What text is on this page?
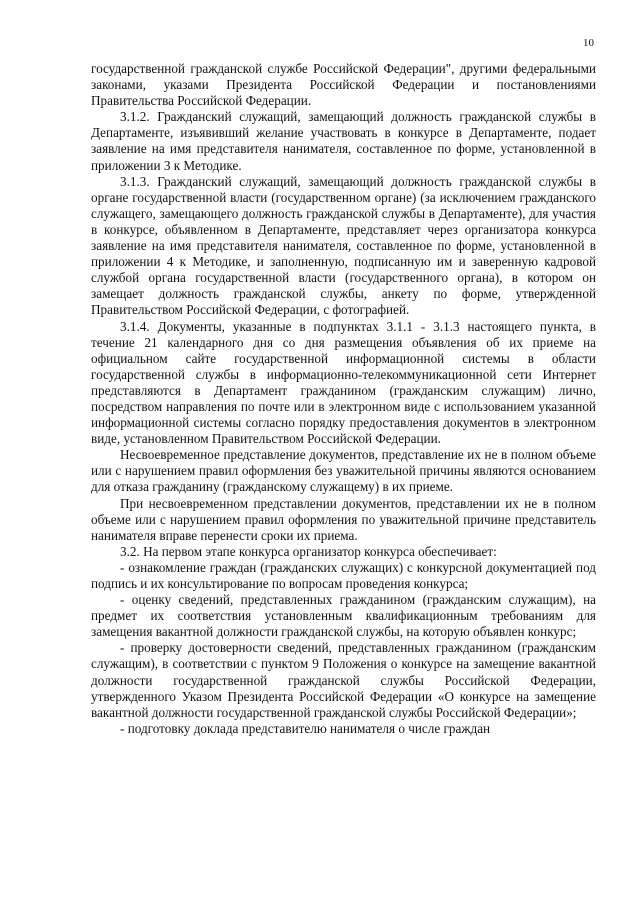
10

государственной гражданской службе Российской Федерации", другими федеральными законами, указами Президента Российской Федерации и постановлениями Правительства Российской Федерации.

3.1.2. Гражданский служащий, замещающий должность гражданской службы в Департаменте, изъявивший желание участвовать в конкурсе в Департаменте, подает заявление на имя представителя нанимателя, составленное по форме, установленной в приложении 3 к Методике.

3.1.3. Гражданский служащий, замещающий должность гражданской службы в органе государственной власти (государственном органе) (за исключением гражданского служащего, замещающего должность гражданской службы в Департаменте), для участия в конкурсе, объявленном в Департаменте, представляет через организатора конкурса заявление на имя представителя нанимателя, составленное по форме, установленной в приложении 4 к Методике, и заполненную, подписанную им и заверенную кадровой службой органа государственной власти (государственного органа), в котором он замещает должность гражданской службы, анкету по форме, утвержденной Правительством Российской Федерации, с фотографией.

3.1.4. Документы, указанные в подпунктах 3.1.1 - 3.1.3 настоящего пункта, в течение 21 календарного дня со дня размещения объявления об их приеме на официальном сайте государственной информационной системы в области государственной службы в информационно-телекоммуникационной сети Интернет представляются в Департамент гражданином (гражданским служащим) лично, посредством направления по почте или в электронном виде с использованием указанной информационной системы согласно порядку предоставления документов в электронном виде, установленном Правительством Российской Федерации.

Несвоевременное представление документов, представление их не в полном объеме или с нарушением правил оформления без уважительной причины являются основанием для отказа гражданину (гражданскому служащему) в их приеме.

При несвоевременном представлении документов, представлении их не в полном объеме или с нарушением правил оформления по уважительной причине представитель нанимателя вправе перенести сроки их приема.

3.2. На первом этапе конкурса организатор конкурса обеспечивает:

- ознакомление граждан (гражданских служащих) с конкурсной документацией под подпись и их консультирование по вопросам проведения конкурса;

- оценку сведений, представленных гражданином (гражданским служащим), на предмет их соответствия установленным квалификационным требованиям для замещения вакантной должности гражданской службы, на которую объявлен конкурс;

- проверку достоверности сведений, представленных гражданином (гражданским служащим), в соответствии с пунктом 9 Положения о конкурсе на замещение вакантной должности государственной гражданской службы Российской Федерации, утвержденного Указом Президента Российской Федерации «О конкурсе на замещение вакантной должности государственной гражданской службы Российской Федерации»;

- подготовку доклада представителю нанимателя о числе граждан
